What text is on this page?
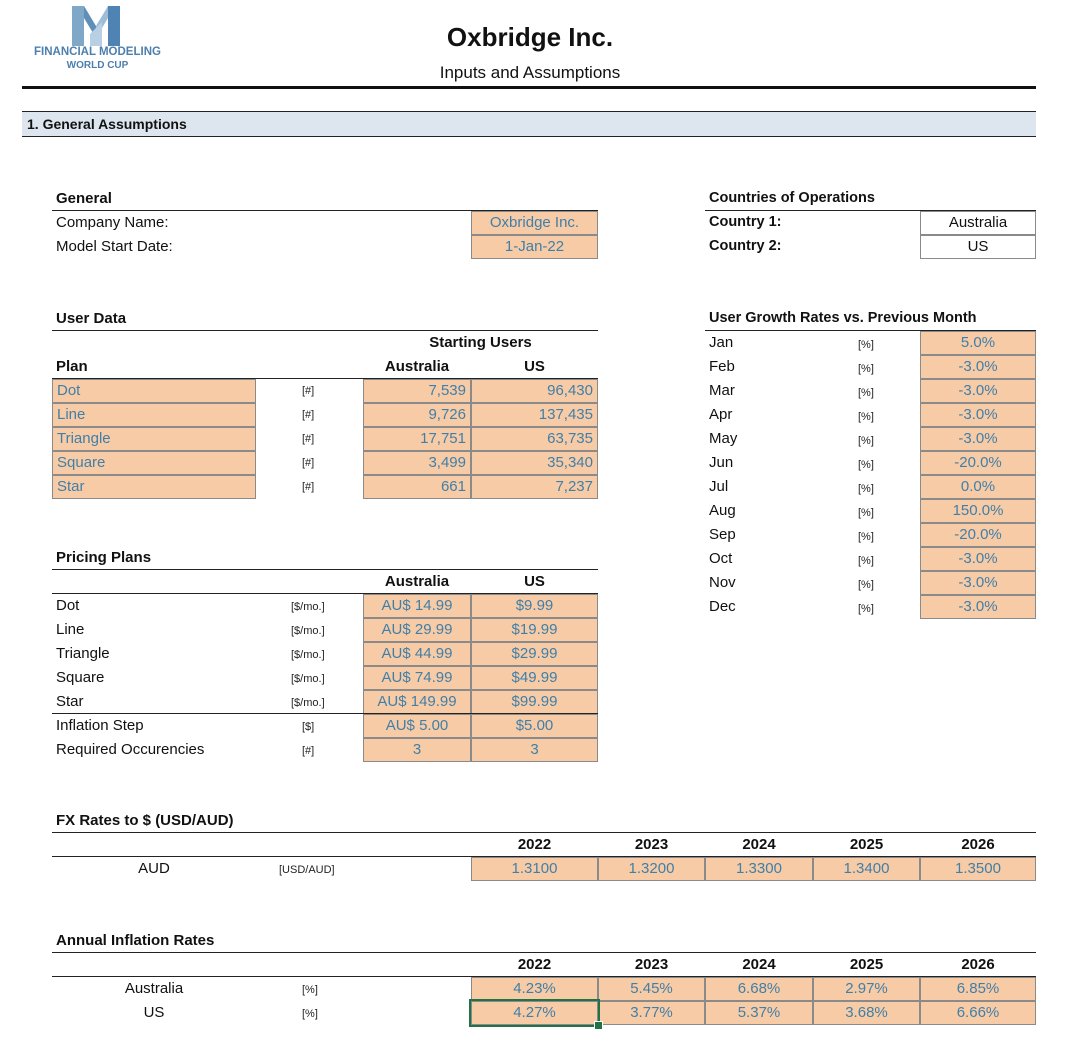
FINANCIAL MODELING
WORLD CUP
Oxbridge Inc.
Inputs and Assumptions
1. General Assumptions
General
Company Name:	Oxbridge Inc.
Model Start Date:	1-Jan-22
Countries of Operations
Country 1:	Australia
Country 2:	US
User Data
Starting Users
Plan	Australia	US
Dot	[#]	7,539	96,430
Line	[#]	9,726	137,435
Triangle	[#]	17,751	63,735
Square	[#]	3,499	35,340
Star	[#]	661	7,237
User Growth Rates vs. Previous Month
Jan	[%]	5.0%
Feb	[%]	-3.0%
Mar	[%]	-3.0%
Apr	[%]	-3.0%
May	[%]	-3.0%
Jun	[%]	-20.0%
Jul	[%]	0.0%
Aug	[%]	150.0%
Sep	[%]	-20.0%
Oct	[%]	-3.0%
Nov	[%]	-3.0%
Dec	[%]	-3.0%
Pricing Plans
Australia	US
Dot	[$/mo.]	AU$ 14.99	$9.99
Line	[$/mo.]	AU$ 29.99	$19.99
Triangle	[$/mo.]	AU$ 44.99	$29.99
Square	[$/mo.]	AU$ 74.99	$49.99
Star	[$/mo.]	AU$ 149.99	$99.99
Inflation Step	[$]	AU$ 5.00	$5.00
Required Occurencies	[#]	3	3
FX Rates to $ (USD/AUD)
2022	2023	2024	2025	2026
AUD	[USD/AUD]	1.3100	1.3200	1.3300	1.3400	1.3500
Annual Inflation Rates
2022	2023	2024	2025	2026
Australia	[%]	4.23%	5.45%	6.68%	2.97%	6.85%
US	[%]	4.27%	3.77%	5.37%	3.68%	6.66%
